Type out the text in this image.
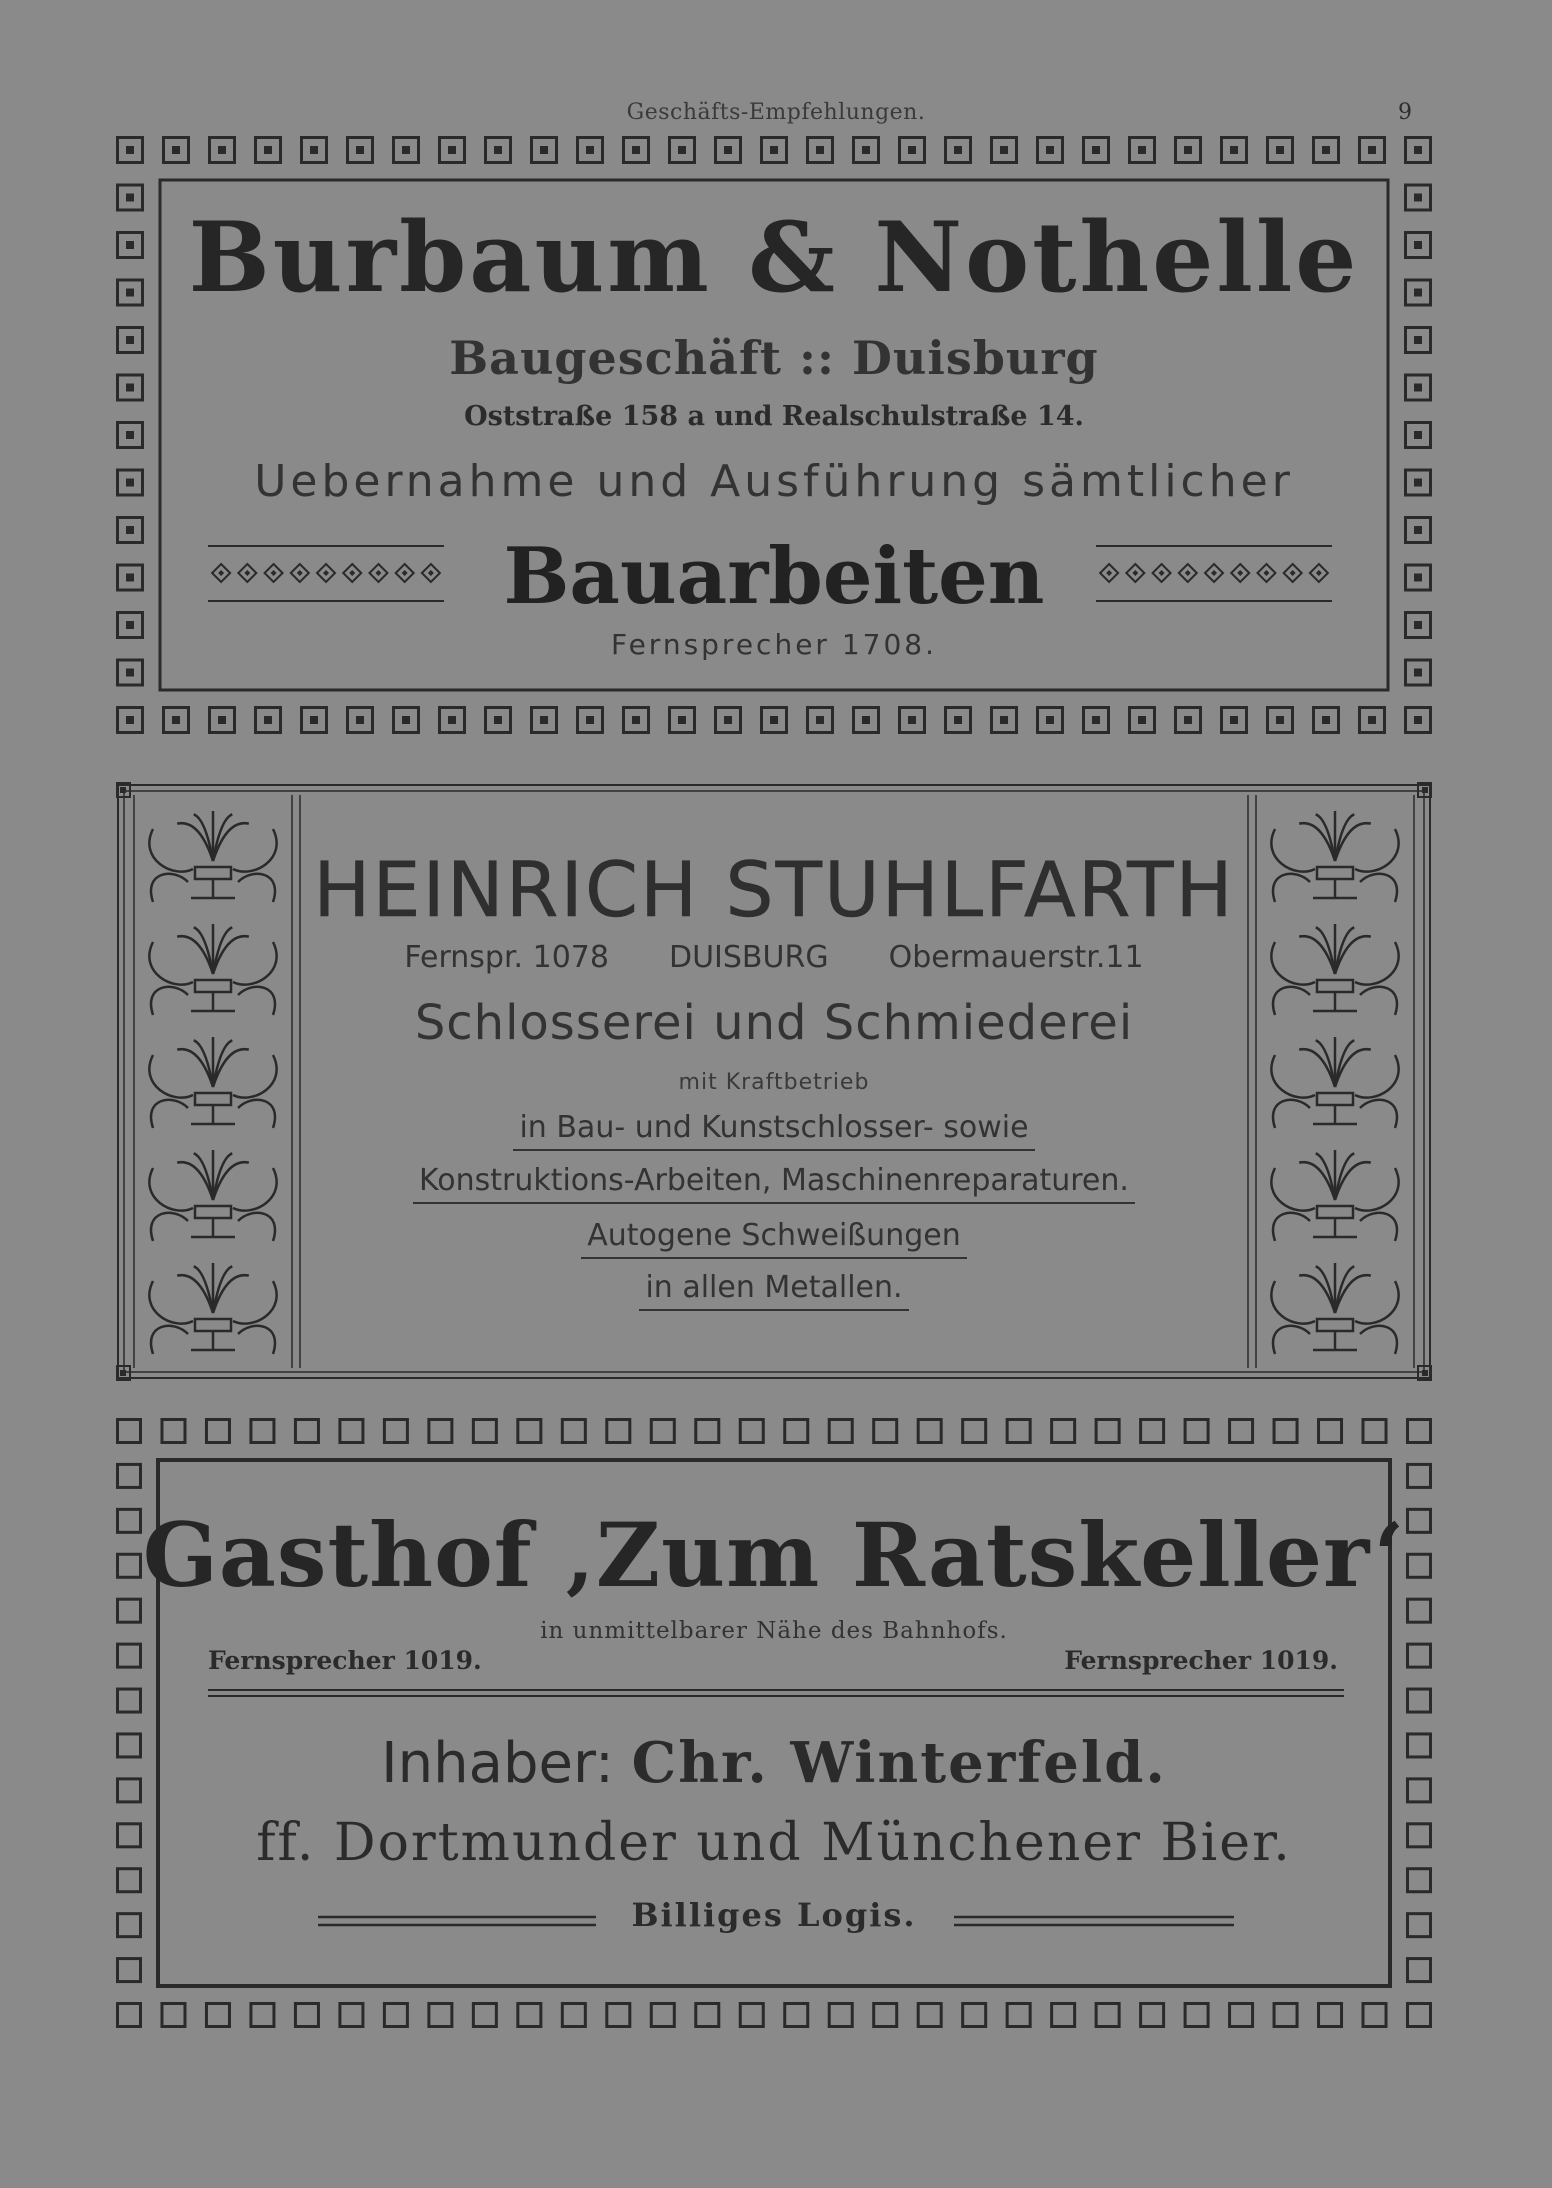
Geschäfts-Empfehlungen.	9
Burbaum & Nothelle
Baugeschäft :: Duisburg
Oststraße 158 a und Realschulstraße 14.
Uebernahme und Ausführung sämtlicher
Bauarbeiten
Fernsprecher 1708.
HEINRICH STUHLFARTH
Fernspr. 1078 DUISBURG Obermauerstr.11
Schlosserei und Schmiederei
mit Kraftbetrieb
in Bau- und Kunstschlosser- sowie
Konstruktions-Arbeiten, Maschinenreparaturen.
Autogene Schweißungen
in allen Metallen.
Gasthof ‚Zum Ratskeller‘
in unmittelbarer Nähe des Bahnhofs.
Fernsprecher 1019.	Fernsprecher 1019.
Inhaber: Chr. Winterfeld.
ff. Dortmunder und Münchener Bier.
Billiges Logis.
